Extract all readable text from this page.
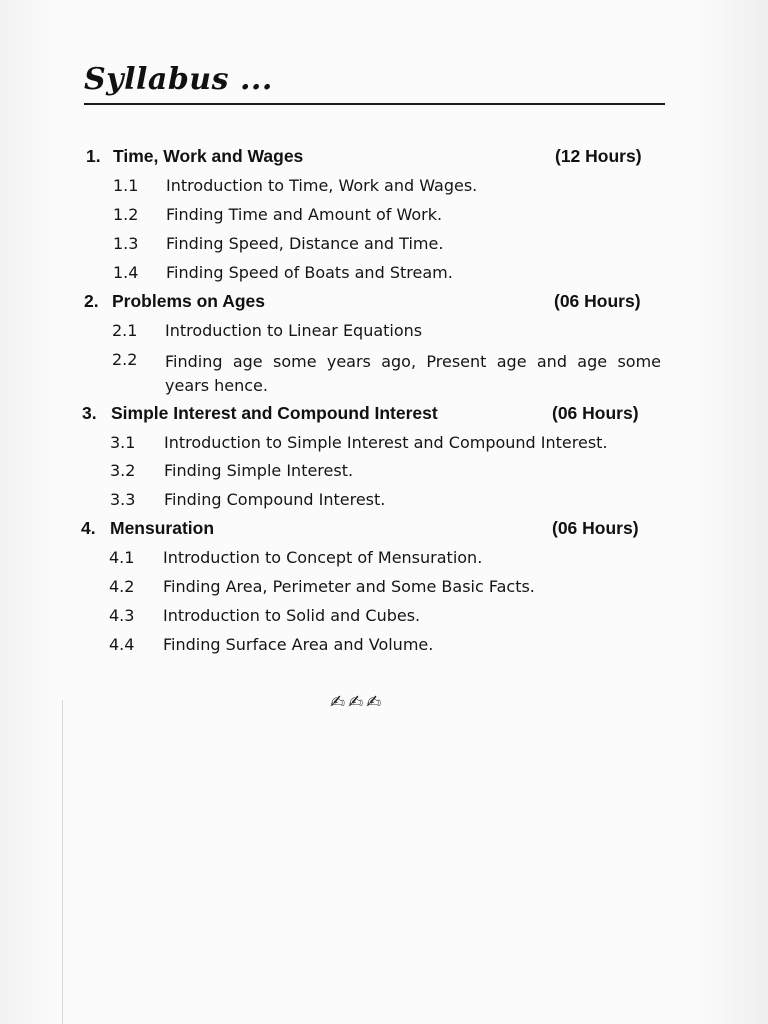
Syllabus ...
1. Time, Work and Wages	(12 Hours)
1.1 Introduction to Time, Work and Wages.
1.2 Finding Time and Amount of Work.
1.3 Finding Speed, Distance and Time.
1.4 Finding Speed of Boats and Stream.
2. Problems on Ages	(06 Hours)
2.1 Introduction to Linear Equations
2.2 Finding age some years ago, Present age and age some years hence.
3. Simple Interest and Compound Interest	(06 Hours)
3.1 Introduction to Simple Interest and Compound Interest.
3.2 Finding Simple Interest.
3.3 Finding Compound Interest.
4. Mensuration	(06 Hours)
4.1 Introduction to Concept of Mensuration.
4.2 Finding Area, Perimeter and Some Basic Facts.
4.3 Introduction to Solid and Cubes.
4.4 Finding Surface Area and Volume.
✍✍✍
